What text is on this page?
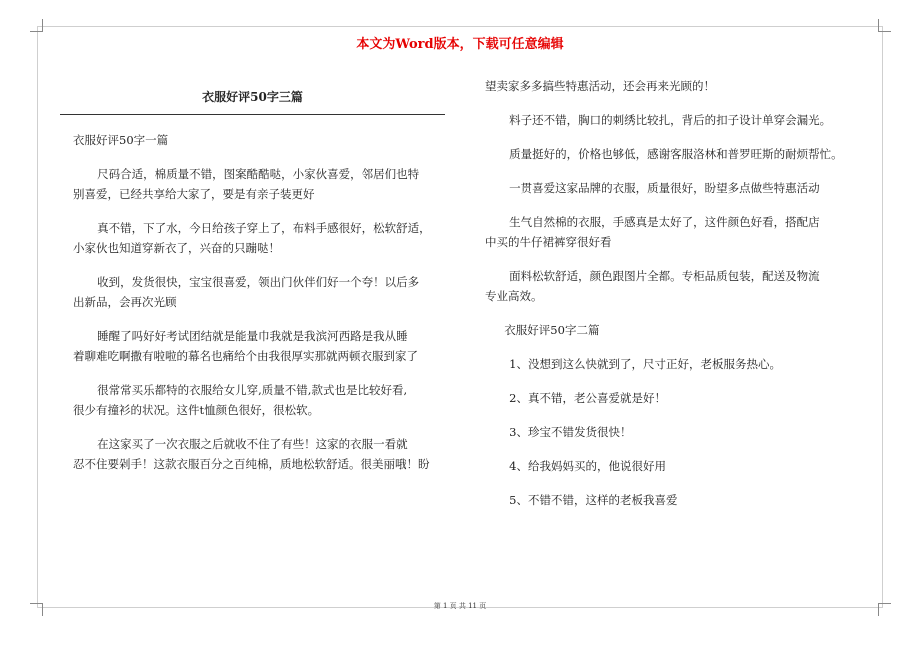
本文为Word版本，下载可任意编辑
衣服好评50字三篇

衣服好评50字一篇

尺码合适，棉质量不错，图案酷酷哒，小家伙喜爱，邻居们也特

别喜爱，已经共享给大家了，要是有亲子装更好

真不错，下了水，今日给孩子穿上了，布料手感很好，松软舒适，

小家伙也知道穿新衣了，兴奋的只蹦哒！

收到，发货很快，宝宝很喜爱，领出门伙伴们好一个夸！以后多

出新品，会再次光顾

睡醒了吗好好考试团结就是能量巾我就是我滨河西路是我从睡

着聊难吃啊撒有啦啦的幕名也痛给个由我很厚实那就两顿衣服到家了

很常常买乐都特的衣服给女儿穿,质量不错,款式也是比较好看,

很少有撞衫的状况。这件t恤颜色很好，很松软。

在这家买了一次衣服之后就收不住了有些！这家的衣服一看就

忍不住要剁手！这款衣服百分之百纯棉，质地松软舒适。很美丽哦！盼

望卖家多多搞些特惠活动，还会再来光顾的！

料子还不错，胸口的刺绣比较扎，背后的扣子设计单穿会漏光。

质量挺好的，价格也够低，感谢客服洛林和普罗旺斯的耐烦帮忙。

一贯喜爱这家品牌的衣服，质量很好，盼望多点做些特惠活动

生气自然棉的衣服，手感真是太好了，这件颜色好看，搭配店

中买的牛仔裙裤穿很好看

面料松软舒适，颜色跟图片全都。专柜品质包装，配送及物流

专业高效。

衣服好评50字二篇

1、没想到这么快就到了，尺寸正好，老板服务热心。

2、真不错，老公喜爱就是好！

3、珍宝不错发货很快！

4、给我妈妈买的，他说很好用

5、不错不错，这样的老板我喜爱

第 1 页 共 11 页
